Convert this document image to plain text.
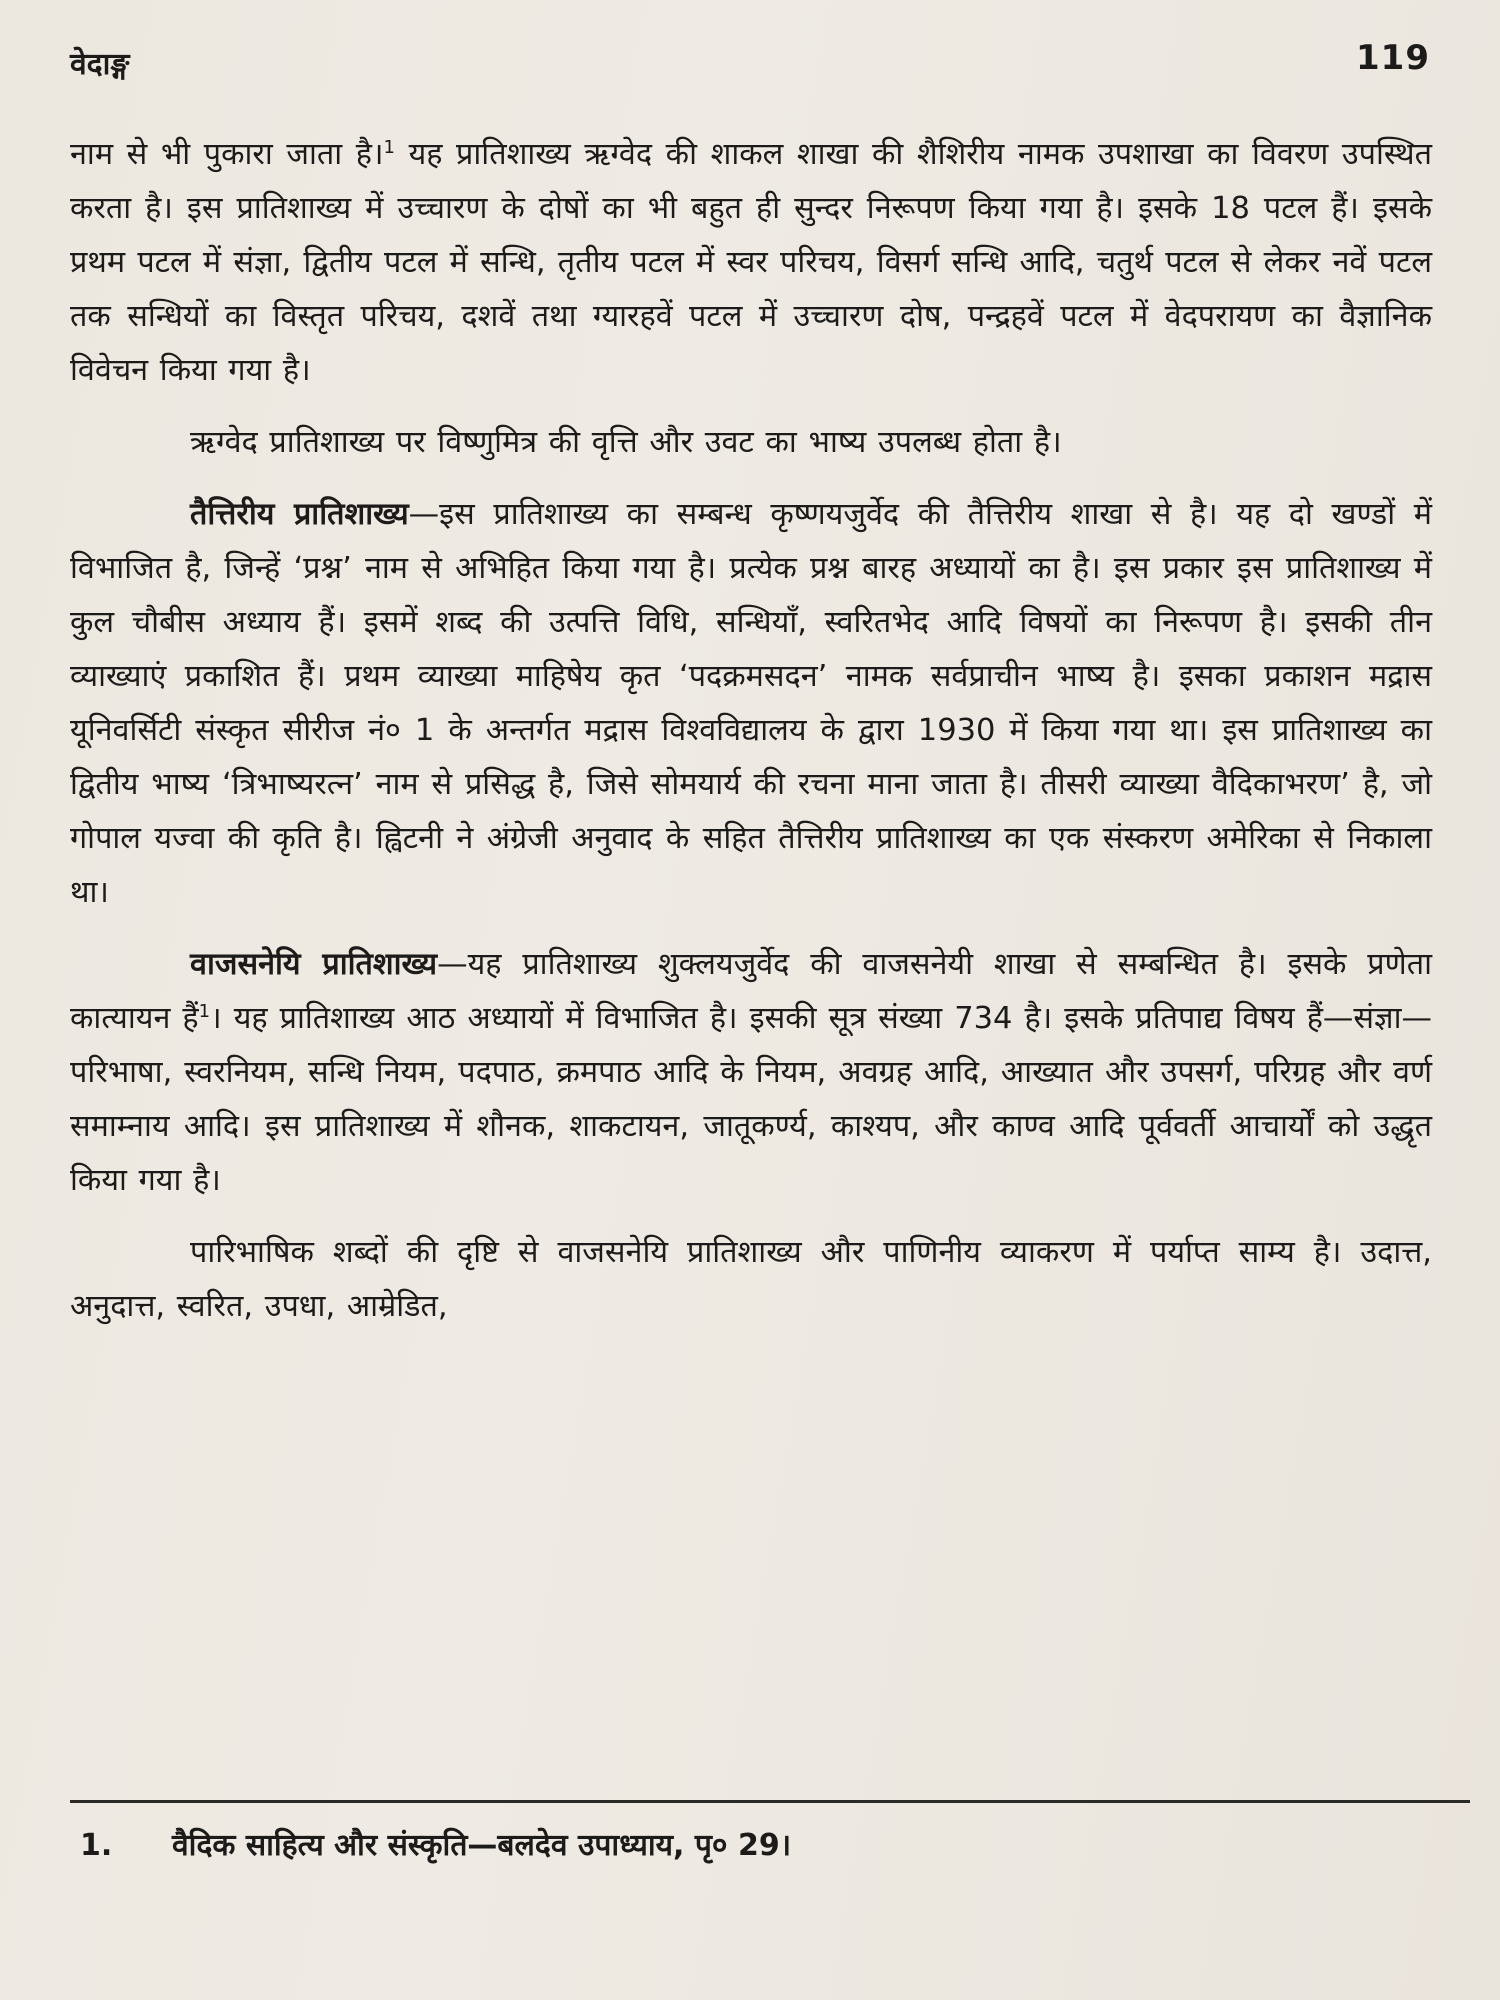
वेदाङ्ग	119

नाम से भी पुकारा जाता है।$^1$ यह प्रातिशाख्य ऋग्वेद की शाकल शाखा की शैशिरीय नामक उपशाखा का विवरण उपस्थित करता है। इस प्रातिशाख्य में उच्चारण के दोषों का भी बहुत ही सुन्दर निरूपण किया गया है। इसके 18 पटल हैं। इसके प्रथम पटल में संज्ञा, द्वितीय पटल में सन्धि, तृतीय पटल में स्वर परिचय, विसर्ग सन्धि आदि, चतुर्थ पटल से लेकर नवें पटल तक सन्धियों का विस्तृत परिचय, दशवें तथा ग्यारहवें पटल में उच्चारण दोष, पन्द्रहवें पटल में वेदपरायण का वैज्ञानिक विवेचन किया गया है।

ऋग्वेद प्रातिशाख्य पर विष्णुमित्र की वृत्ति और उवट का भाष्य उपलब्ध होता है।

तैत्तिरीय प्रातिशाख्य—इस प्रातिशाख्य का सम्बन्ध कृष्णयजुर्वेद की तैत्तिरीय शाखा से है। यह दो खण्डों में विभाजित है, जिन्हें ‘प्रश्न’ नाम से अभिहित किया गया है। प्रत्येक प्रश्न बारह अध्यायों का है। इस प्रकार इस प्रातिशाख्य में कुल चौबीस अध्याय हैं। इसमें शब्द की उत्पत्ति विधि, सन्धियाँ, स्वरितभेद आदि विषयों का निरूपण है। इसकी तीन व्याख्याएं प्रकाशित हैं। प्रथम व्याख्या माहिषेय कृत ‘पदक्रमसदन’ नामक सर्वप्राचीन भाष्य है। इसका प्रकाशन मद्रास यूनिवर्सिटी संस्कृत सीरीज नं० 1 के अन्तर्गत मद्रास विश्वविद्यालय के द्वारा 1930 में किया गया था। इस प्रातिशाख्य का द्वितीय भाष्य ‘त्रिभाष्यरत्न’ नाम से प्रसिद्ध है, जिसे सोमयार्य की रचना माना जाता है। तीसरी व्याख्या वैदिकाभरण’ है, जो गोपाल यज्वा की कृति है। ह्विटनी ने अंग्रेजी अनुवाद के सहित तैत्तिरीय प्रातिशाख्य का एक संस्करण अमेरिका से निकाला था।

वाजसनेयि प्रातिशाख्य—यह प्रातिशाख्य शुक्लयजुर्वेद की वाजसनेयी शाखा से सम्बन्धित है। इसके प्रणेता कात्यायन हैं$^1$। यह प्रातिशाख्य आठ अध्यायों में विभाजित है। इसकी सूत्र संख्या 734 है। इसके प्रतिपाद्य विषय हैं—संज्ञा—परिभाषा, स्वरनियम, सन्धि नियम, पदपाठ, क्रमपाठ आदि के नियम, अवग्रह आदि, आख्यात और उपसर्ग, परिग्रह और वर्ण समाम्नाय आदि। इस प्रातिशाख्य में शौनक, शाकटायन, जातूकर्ण्य, काश्यप, और काण्व आदि पूर्ववर्ती आचार्यों को उद्धृत किया गया है।

पारिभाषिक शब्दों की दृष्टि से वाजसनेयि प्रातिशाख्य और पाणिनीय व्याकरण में पर्याप्त साम्य है। उदात्त, अनुदात्त, स्वरित, उपधा, आम्रेडित,

1. वैदिक साहित्य और संस्कृति—बलदेव उपाध्याय, पृ० 29।
